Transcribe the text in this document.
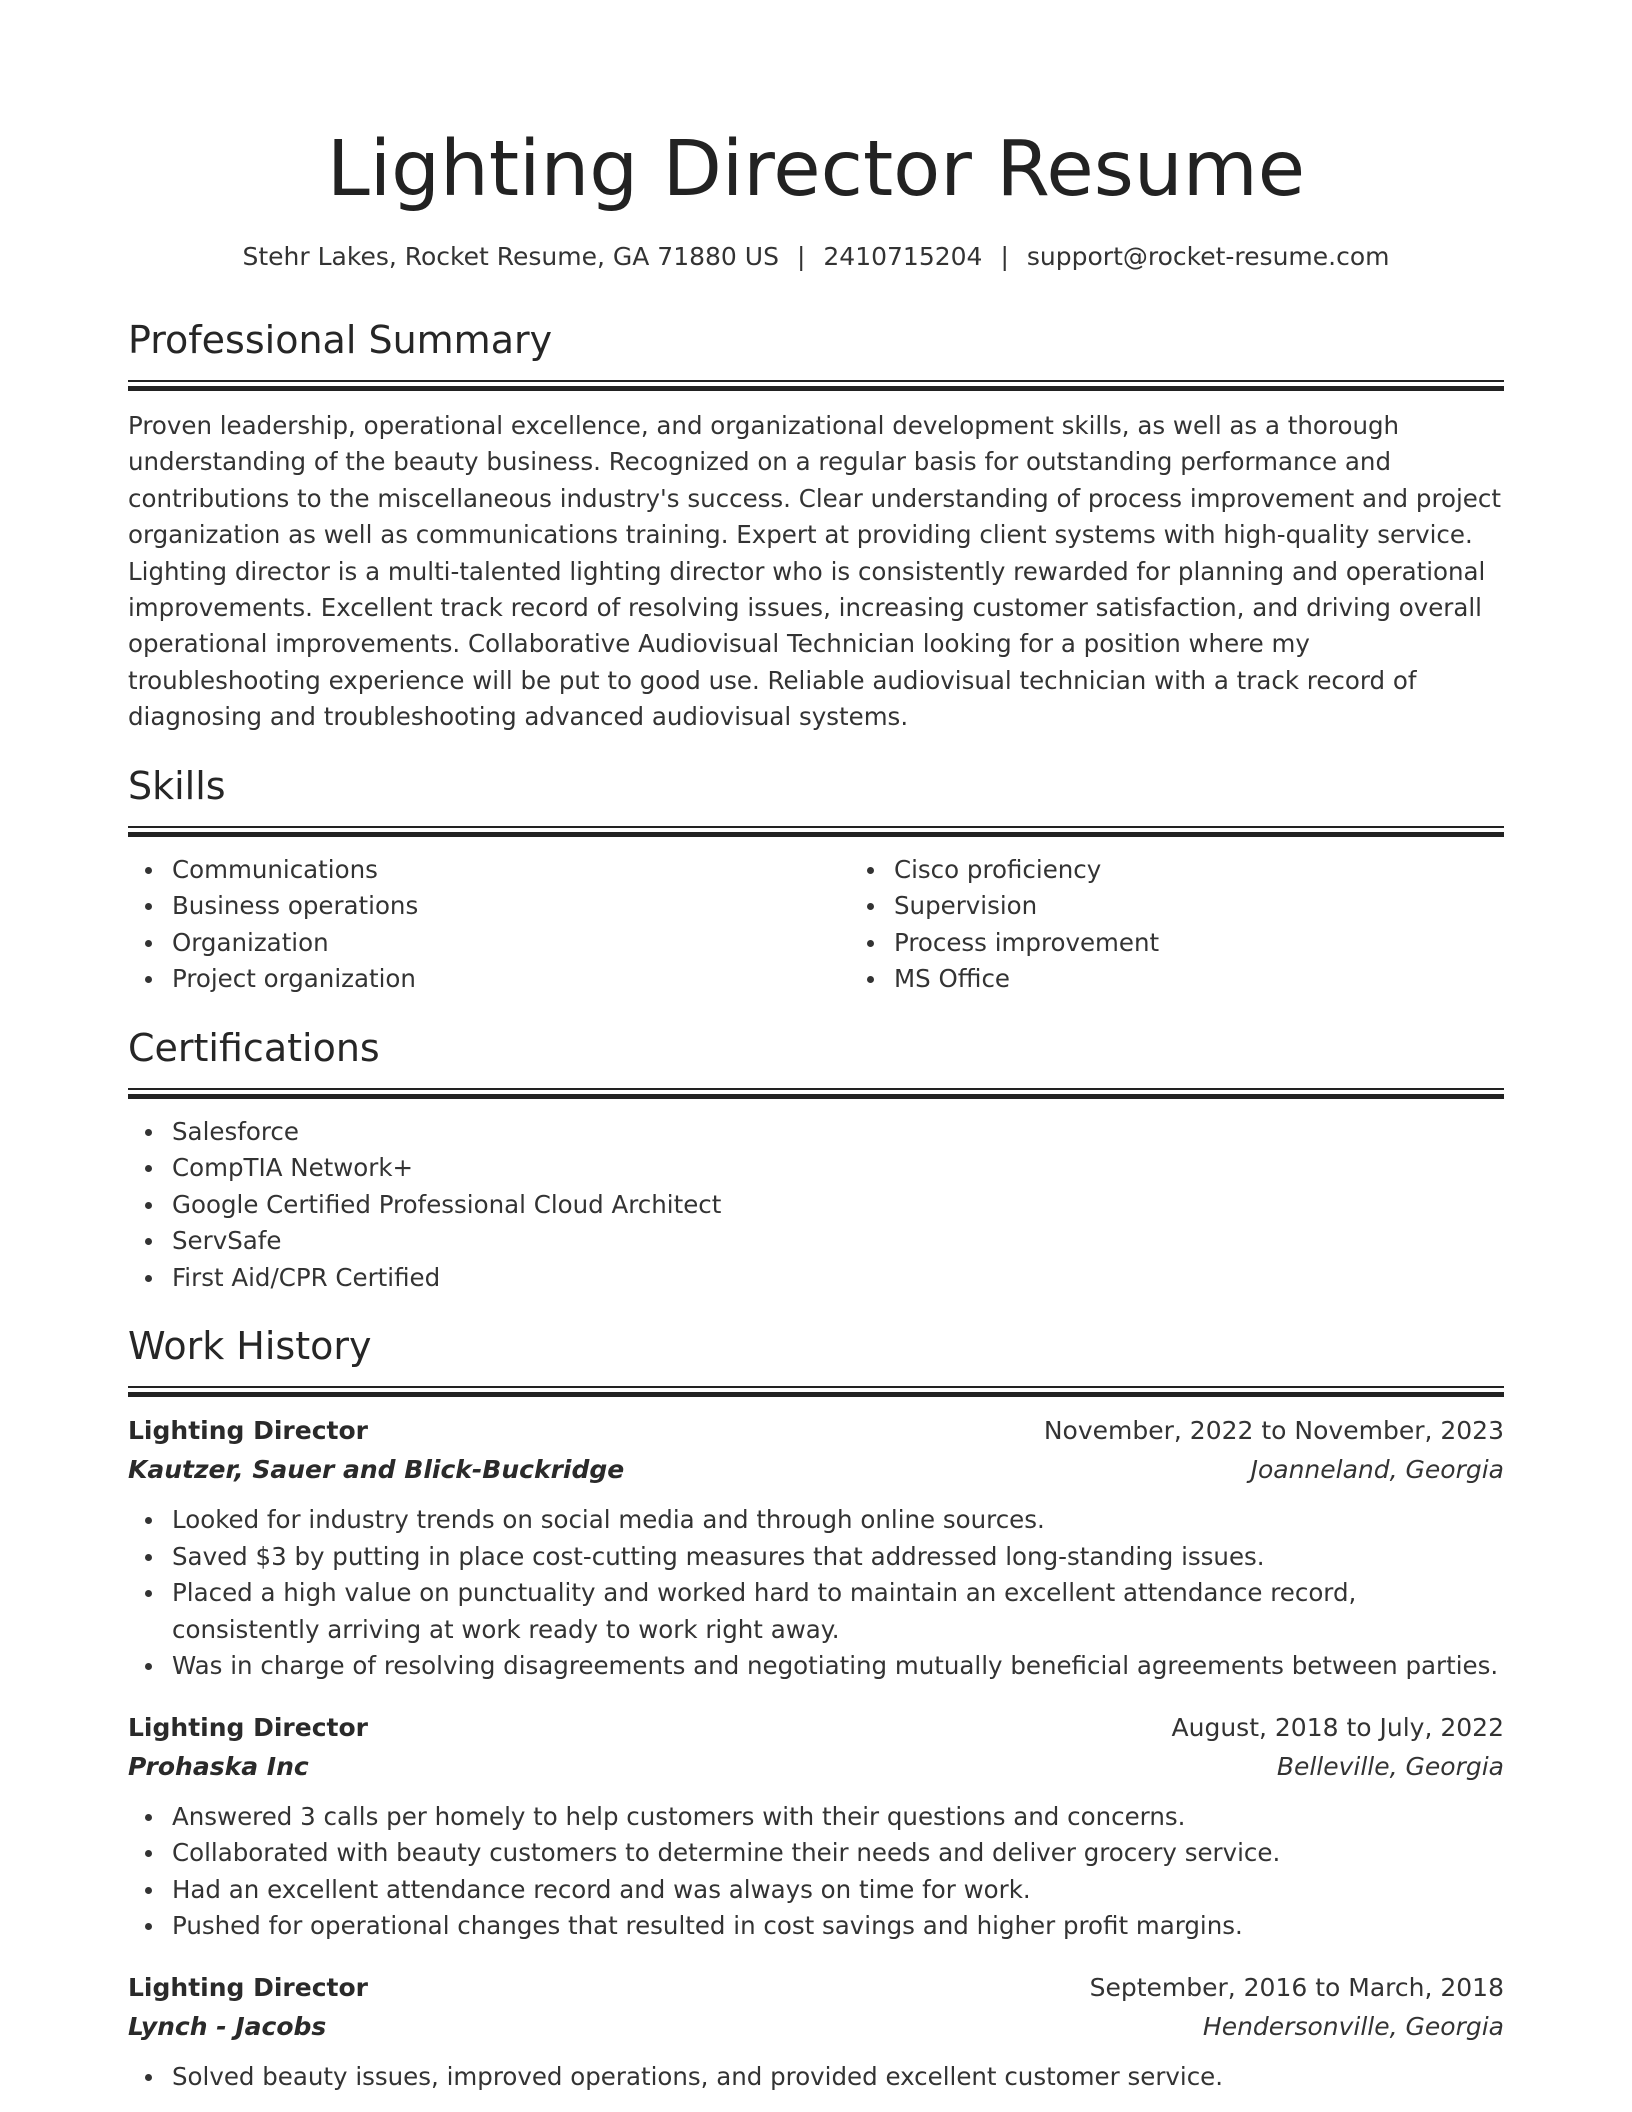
Lighting Director Resume
Stehr Lakes, Rocket Resume, GA 71880 US | 2410715204 | support@rocket-resume.com
Professional Summary

Proven leadership, operational excellence, and organizational development skills, as well as a thorough understanding of the beauty business. Recognized on a regular basis for outstanding performance and contributions to the miscellaneous industry's success. Clear understanding of process improvement and project organization as well as communications training. Expert at providing client systems with high-quality service. Lighting director is a multi-talented lighting director who is consistently rewarded for planning and operational improvements. Excellent track record of resolving issues, increasing customer satisfaction, and driving overall operational improvements. Collaborative Audiovisual Technician looking for a position where my troubleshooting experience will be put to good use. Reliable audiovisual technician with a track record of diagnosing and troubleshooting advanced audiovisual systems.

Skills
Communications
Business operations
Organization
Project organization
Cisco proficiency
Supervision
Process improvement
MS Office
Certifications
Salesforce
CompTIA Network+
Google Certified Professional Cloud Architect
ServSafe
First Aid/CPR Certified
Work History
Lighting Director	November, 2022 to November, 2023
Kautzer, Sauer and Blick-Buckridge	Joanneland, Georgia
Looked for industry trends on social media and through online sources.
Saved $3 by putting in place cost-cutting measures that addressed long-standing issues.
Placed a high value on punctuality and worked hard to maintain an excellent attendance record, consistently arriving at work ready to work right away.
Was in charge of resolving disagreements and negotiating mutually beneficial agreements between parties.
Lighting Director	August, 2018 to July, 2022
Prohaska Inc	Belleville, Georgia
Answered 3 calls per homely to help customers with their questions and concerns.
Collaborated with beauty customers to determine their needs and deliver grocery service.
Had an excellent attendance record and was always on time for work.
Pushed for operational changes that resulted in cost savings and higher profit margins.
Lighting Director	September, 2016 to March, 2018
Lynch - Jacobs	Hendersonville, Georgia
Solved beauty issues, improved operations, and provided excellent customer service.
